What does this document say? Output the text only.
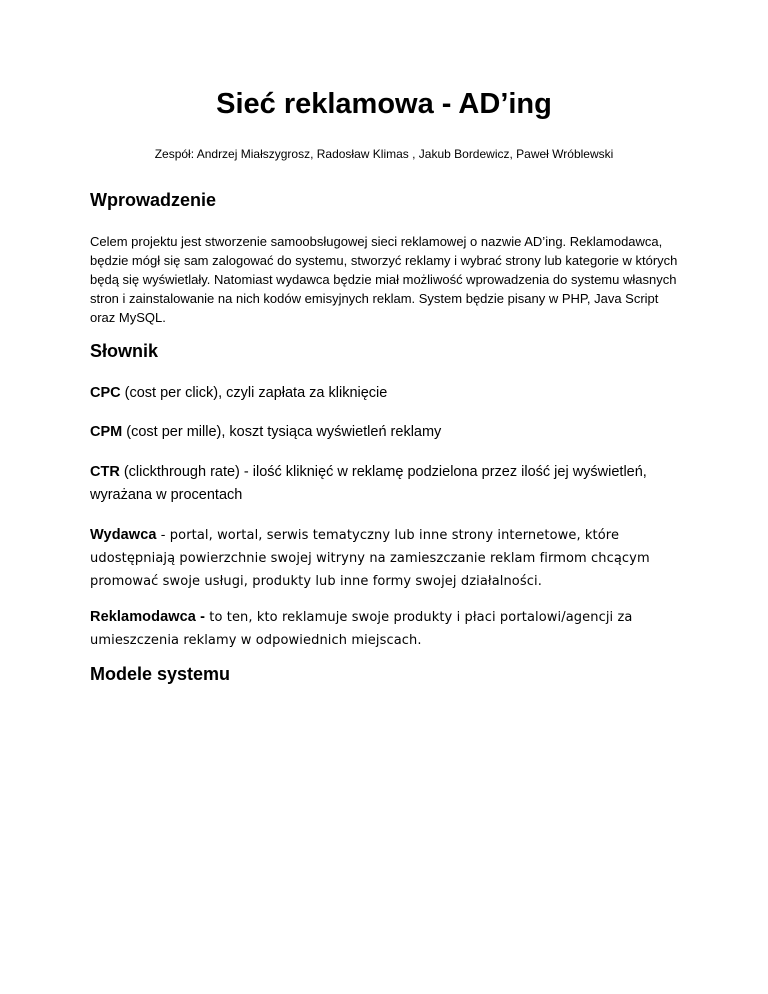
Sieć reklamowa - AD’ing
Zespół: Andrzej Miałszygrosz, Radosław Klimas , Jakub Bordewicz, Paweł Wróblewski
Wprowadzenie

Celem projektu jest stworzenie samoobsługowej sieci reklamowej o nazwie AD’ing. Reklamodawca, będzie mógł się sam zalogować do systemu, stworzyć reklamy i wybrać strony lub kategorie w których będą się wyświetlały. Natomiast wydawca będzie miał możliwość wprowadzenia do systemu własnych stron i zainstalowanie na nich kodów emisyjnych reklam. System będzie pisany w PHP, Java Script oraz MySQL.

Słownik

CPC (cost per click), czyli zapłata za kliknięcie

CPM (cost per mille), koszt tysiąca wyświetleń reklamy

CTR (clickthrough rate) - ilość kliknięć w reklamę podzielona przez ilość jej wyświetleń, wyrażana w procentach

Wydawca - portal, wortal, serwis tematyczny lub inne strony internetowe, które udostępniają powierzchnie swojej witryny na zamieszczanie reklam firmom chcącym promować swoje usługi, produkty lub inne formy swojej działalności.

Reklamodawca - to ten, kto reklamuje swoje produkty i płaci portalowi/agencji za umieszczenia reklamy w odpowiednich miejscach.

Modele systemu
